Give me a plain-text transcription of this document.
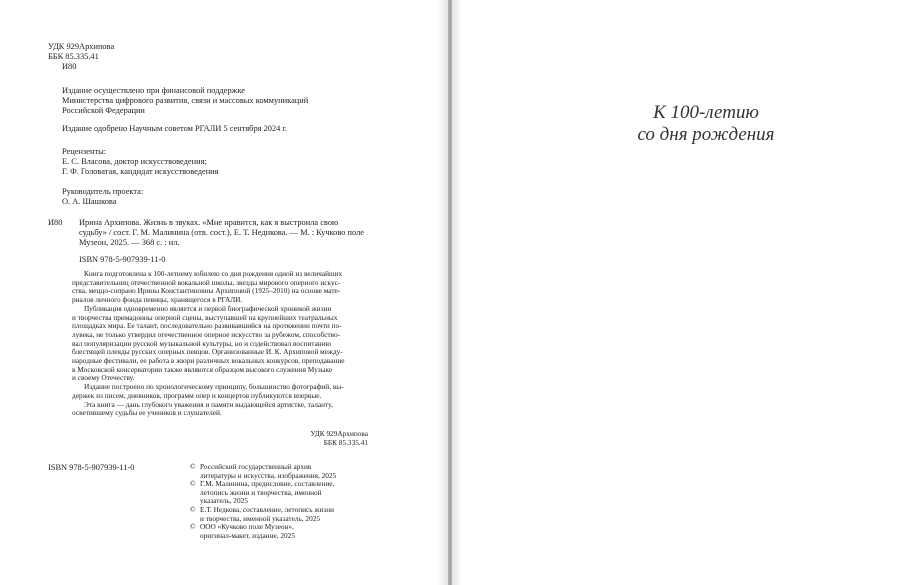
УДК 929Архипова
ББК 85.335.41
И80
Издание осуществлено при финансовой поддержке
Министерства цифрового развития, связи и массовых коммуникаций
Российской Федерации
Издание одобрено Научным советом РГАЛИ 5 сентября 2024 г.
Рецензенты:
Е. С. Власова, доктор искусствоведения;
Г. Ф. Головатая, кандидат искусствоведения
Руководитель проекта:
О. А. Шашкова
И80 Ирина Архипова. Жизнь в звуках. «Мне нравится, как я выстроила свою
судьбу» / сост. Г. М. Малинина (отв. сост.), Е. Т. Неднкова. — М. : Кучково поле
Музеон, 2025. — 368 с. : ил.
ISBN 978-5-907939-11-0
Книга подготовлена к 100-летнему юбилею со дня рождения одной из величайших
представительниц отечественной вокальной школы, звезды мирового оперного искус-
ства, меццо-сопрано Ирины Константиновны Архиповой (1925–2010) на основе мате-
риалов личного фонда певицы, хранящегося в РГАЛИ.
Публикация одновременно является и первой биографической хроникой жизни
и творчества примадонны оперной сцены, выступавшей на крупнейших театральных
площадках мира. Ее талант, последовательно развивавшийся на протяжении почти по-
лувека, не только утвердил отечественное оперное искусство за рубежом, способство-
вал популяризации русской музыкальной культуры, но и содействовал воспитанию
блестящей плеяды русских оперных певцов. Организованные И. К. Архиповой между-
народные фестивали, ее работа в жюри различных вокальных конкурсов, преподавание
в Московской консерватории также являются образцом высокого служения Музыке
и своему Отечеству.
Издание построено по хронологическому принципу, большинство фотографий, вы-
держек из писем, дневников, программ опер и концертов публикуются впервые.
Эта книга — дань глубокого уважения и памяти выдающейся артистке, таланту,
осветившему судьбы ее учеников и слушателей.
УДК 929Архипова
ББК 85.335.41
ISBN 978-5-907939-11-0	© Российский государственный архив
литературы и искусства, изображения, 2025
© Г.М. Малинина, предисловие, составление,
летопись жизни и творчества, именной
указатель, 2025
© Е.Т. Недкова, составление, летопись жизни
и творчества, именной указатель, 2025
© ООО «Кучково поле Музеон»,
оригинал-макет, издание, 2025
К 100-летию
со дня рождения
